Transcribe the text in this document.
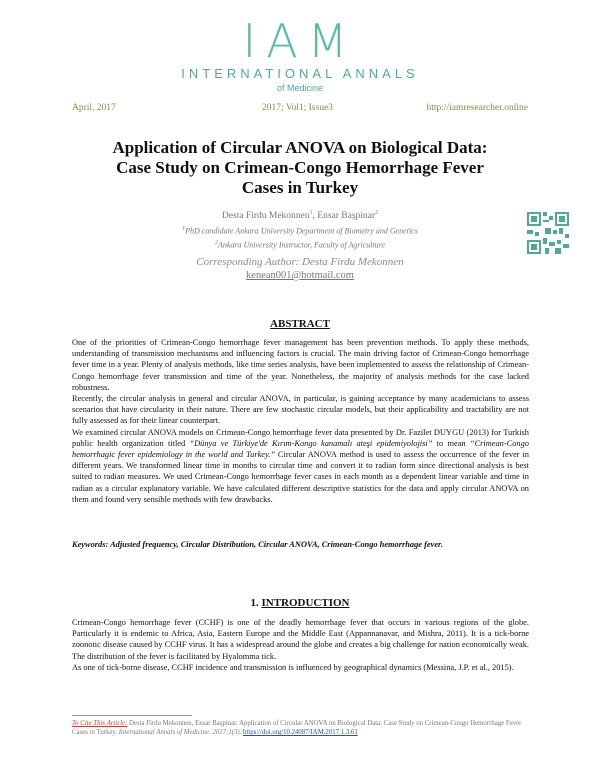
IAM
INTERNATIONAL ANNALS
of Medicine
April, 2017	2017; Vol1; Issue3	http://iamresearcher.online
Application of Circular ANOVA on Biological Data:
Case Study on Crimean-Congo Hemorrhage Fever
Cases in Turkey
Desta Firdu Mekonnen$^1$, Ensar Başpinar$^2$
$^1$PhD candidate Ankara University Department of Biometry and Genetics
$^2$Ankara University Instructor, Faculty of Agriculture
Corresponding Author: Desta Firdu Mekonnen
kenean001@hotmail.com
ABSTRACT

One of the priorities of Crimean-Congo hemorrhage fever management has been prevention methods. To apply these methods, understanding of transmission mechanisms and influencing factors is crucial. The main driving factor of Crimean-Congo hemorrhage fever time in a year. Plenty of analysis methods, like time series analysis, have been implemented to assess the relationship of Crimean-Congo hemorrhage fever transmission and time of the year. Nonetheless, the majority of analysis methods for the case lacked robustness.

Recently, the circular analysis in general and circular ANOVA, in particular, is gaining acceptance by many academicians to assess scenarios that have circularity in their nature. There are few stochastic circular models, but their applicability and tractability are not fully assessed as for their linear counterpart.

We examined circular ANOVA models on Crimean-Congo hemorrhage fever data presented by Dr. Fazilet DUYGU (2013) for Turkish public health organization titled “Dünya ve Türkiye'de Kırım-Kongo kanamalı ateşi epidemiyolojisi” to mean “Crimean-Congo hemorrhagic fever epidemiology in the world and Turkey.” Circular ANOVA method is used to assess the occurrence of the fever in different years. We transformed linear time in months to circular time and convert it to radian form since directional analysis is best suited to radian measures. We used Crimean-Congo hemorrhage fever cases in each month as a dependent linear variable and time in radian as a circular explanatory variable. We have calculated different descriptive statistics for the data and apply circular ANOVA on them and found very sensible methods with few drawbacks.

Keywords: Adjusted frequency, Circular Distribution, Circular ANOVA, Crimean-Congo hemorrhage fever.
1. INTRODUCTION

Crimean-Congo hemorrhage fever (CCHF) is one of the deadly hemorrhage fever that occurs in various regions of the globe. Particularly it is endemic to Africa, Asia, Eastern Europe and the Middle East (Appannanavar, and Mishra, 2011). It is a tick-borne zoonotic disease caused by CCHF virus. It has a widespread around the globe and creates a big challenge for nation economically weak. The distribution of the fever is facilitated by Hyalomma tick.

As one of tick-borne disease, CCHF incidence and transmission is influenced by geographical dynamics (Messina, J.P. et al., 2015).

To Cite This Article: Desta Firdu Mekonnen, Ensar Başpinar. Application of Circular ANOVA on Biological Data: Case Study on Crimean-Congo Hemorrhage Fever Cases in Turkey. International Annals of Medicine. 2017;1(3). https://doi.org/10.24087/IAM.2017.1.3.61
